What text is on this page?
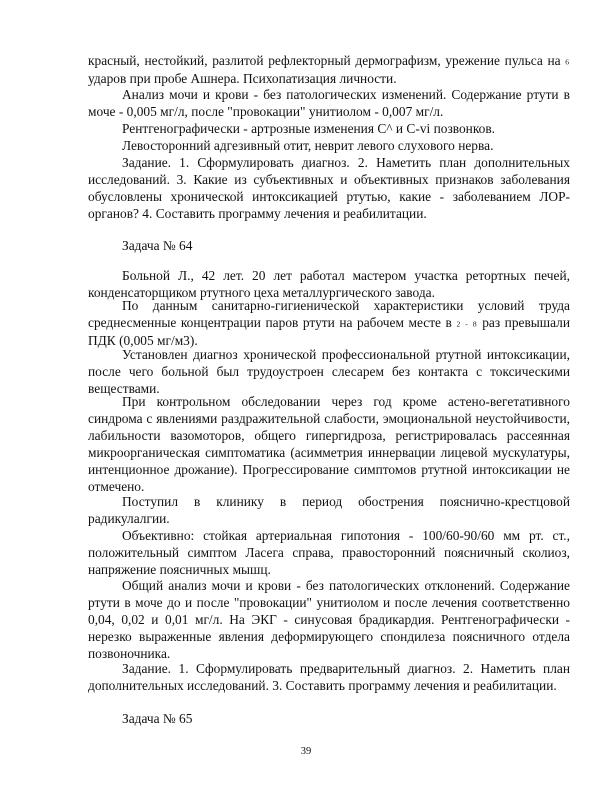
красный, нестойкий, разлитой рефлекторный дермографизм, урежение пульса на 6
ударов при пробе Ашнера. Психопатизация личности.
Анализ мочи и крови - без патологических изменений. Содержание ртути в
моче - 0,005 мг/л, после "провокации" унитиолом - 0,007 мг/л.
Рентгенографически - артрозные изменения С^ и С-vi позвонков.
Левосторонний адгезивный отит, неврит левого слухового нерва.
Задание. 1. Сформулировать диагноз. 2. Наметить план дополнительных
исследований. 3. Какие из субъективных и объективных признаков заболевания
обусловлены хронической интоксикацией ртутью, какие - заболеванием ЛОР-
органов? 4. Составить программу лечения и реабилитации.
Задача № 64
Больной Л., 42 лет. 20 лет работал мастером участка ретортных печей,
конденсаторщиком ртутного цеха металлургического завода.
По данным санитарно-гигиенической характеристики условий труда
среднесменные концентрации паров ртути на рабочем месте в 2 - 8 раз превышали
ПДК (0,005 мг/м3).
Установлен диагноз хронической профессиональной ртутной интоксикации,
после чего больной был трудоустроен слесарем без контакта с токсическими
веществами.
При контрольном обследовании через год кроме астено-вегетативного
синдрома с явлениями раздражительной слабости, эмоциональной неустойчивости,
лабильности вазомоторов, общего гипергидроза, регистрировалась рассеянная
микроорганическая симптоматика (асимметрия иннервации лицевой мускулатуры,
интенционное дрожание). Прогрессирование симптомов ртутной интоксикации не
отмечено.
Поступил в клинику в период обострения пояснично-крестцовой
радикулалгии.
Объективно: стойкая артериальная гипотония - 100/60-90/60 мм рт. ст.,
положительный симптом Ласега справа, правосторонний поясничный сколиоз,
напряжение поясничных мышц.
Общий анализ мочи и крови - без патологических отклонений. Содержание
ртути в моче до и после "провокации" унитиолом и после лечения соответственно
0,04, 0,02 и 0,01 мг/л. На ЭКГ - синусовая брадикардия. Рентгенографически -
нерезко выраженные явления деформирующего спондилеза поясничного отдела
позвоночника.
Задание. 1. Сформулировать предварительный диагноз. 2. Наметить план
дополнительных исследований. 3. Составить программу лечения и реабилитации.
Задача № 65
39
